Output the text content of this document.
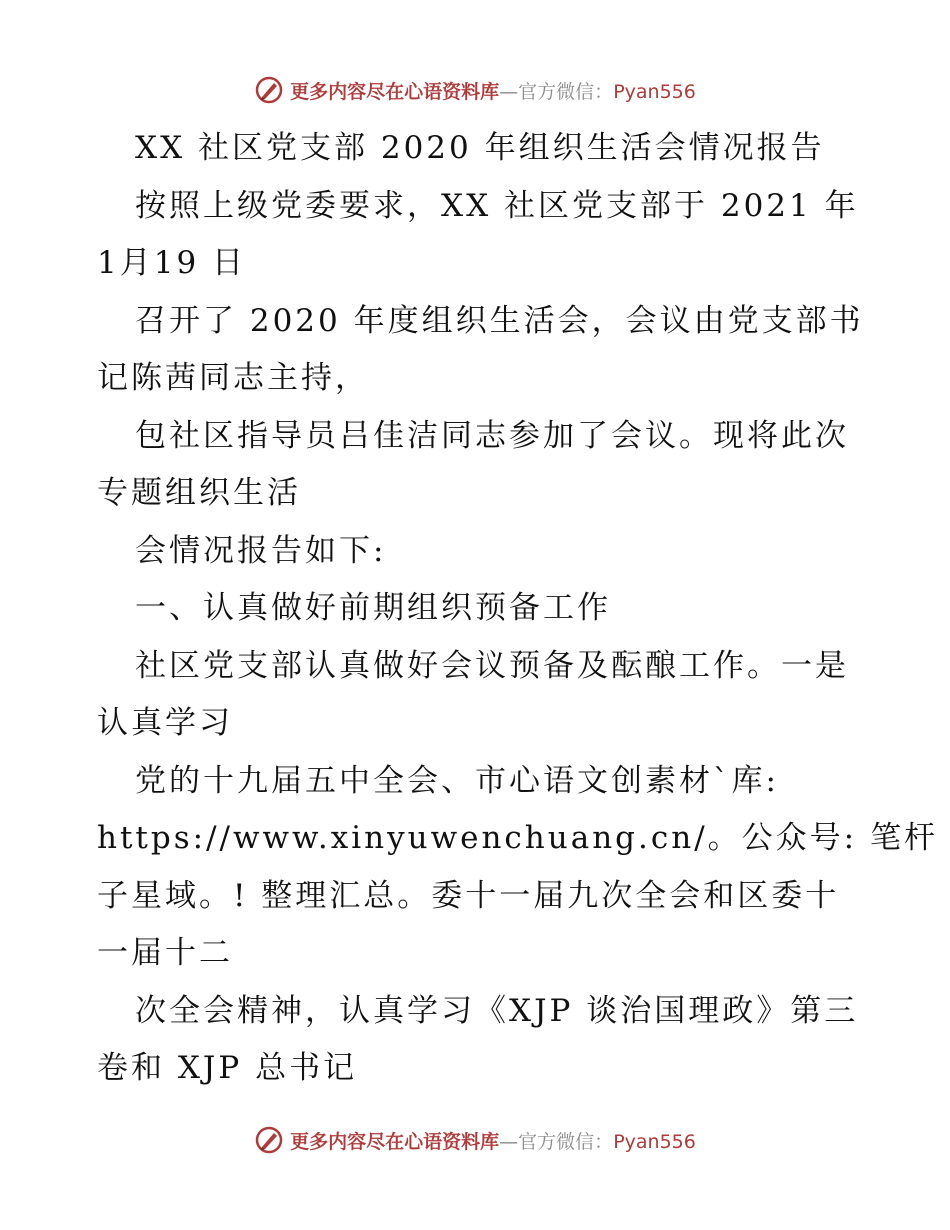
更多内容尽在心语资料库—官方微信：Pyan556
XX 社区党支部 2020 年组织生活会情况报告
按照上级党委要求，XX 社区党支部于 2021 年
1月19 日
召开了 2020 年度组织生活会，会议由党支部书
记陈茜同志主持，
包社区指导员吕佳洁同志参加了会议。现将此次
专题组织生活
会情况报告如下:
一、认真做好前期组织预备工作
社区党支部认真做好会议预备及酝酿工作。一是
认真学习
党的十九届五中全会、市心语文创素材`库:
https://www.xinyuwenchuang.cn/。公众号: 笔杆
子星域。! 整理汇总。委十一届九次全会和区委十
一届十二
次全会精神，认真学习《XJP 谈治国理政》第三
卷和 XJP 总书记
更多内容尽在心语资料库—官方微信：Pyan556
